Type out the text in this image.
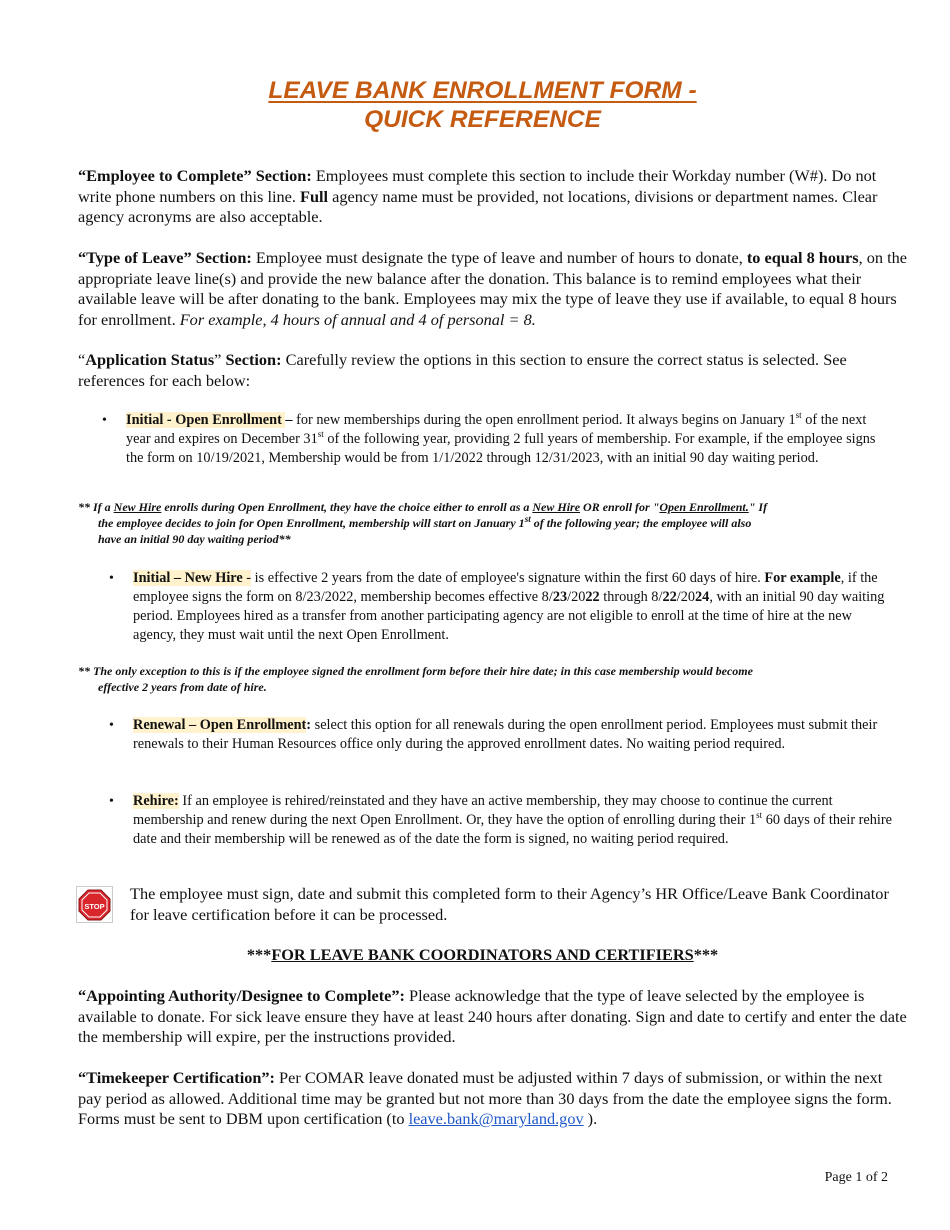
LEAVE BANK ENROLLMENT FORM -
QUICK REFERENCE
“Employee to Complete” Section: Employees must complete this section to include their Workday number (W#). Do not write phone numbers on this line. Full agency name must be provided, not locations, divisions or department names. Clear agency acronyms are also acceptable.
“Type of Leave” Section: Employee must designate the type of leave and number of hours to donate, to equal 8 hours, on the appropriate leave line(s) and provide the new balance after the donation. This balance is to remind employees what their available leave will be after donating to the bank. Employees may mix the type of leave they use if available, to equal 8 hours for enrollment. For example, 4 hours of annual and 4 of personal = 8.
“Application Status” Section: Carefully review the options in this section to ensure the correct status is selected. See references for each below:
• Initial - Open Enrollment – for new memberships during the open enrollment period. It always begins on January 1st of the next year and expires on December 31st of the following year, providing 2 full years of membership. For example, if the employee signs the form on 10/19/2021, Membership would be from 1/1/2022 through 12/31/2023, with an initial 90 day waiting period.
** If a New Hire enrolls during Open Enrollment, they have the choice either to enroll as a New Hire OR enroll for "Open Enrollment." If
the employee decides to join for Open Enrollment, membership will start on January 1st of the following year; the employee will also
have an initial 90 day waiting period**
• Initial – New Hire - is effective 2 years from the date of employee's signature within the first 60 days of hire. For example, if the employee signs the form on 8/23/2022, membership becomes effective 8/23/2022 through 8/22/2024, with an initial 90 day waiting period. Employees hired as a transfer from another participating agency are not eligible to enroll at the time of hire at the new agency, they must wait until the next Open Enrollment.
** The only exception to this is if the employee signed the enrollment form before their hire date; in this case membership would become
effective 2 years from date of hire.
• Renewal – Open Enrollment: select this option for all renewals during the open enrollment period. Employees must submit their renewals to their Human Resources office only during the approved enrollment dates. No waiting period required.
• Rehire: If an employee is rehired/reinstated and they have an active membership, they may choose to continue the current membership and renew during the next Open Enrollment. Or, they have the option of enrolling during their 1st 60 days of their rehire date and their membership will be renewed as of the date the form is signed, no waiting period required.
STOP
The employee must sign, date and submit this completed form to their Agency’s HR Office/Leave Bank Coordinator for leave certification before it can be processed.
***FOR LEAVE BANK COORDINATORS AND CERTIFIERS***
“Appointing Authority/Designee to Complete”: Please acknowledge that the type of leave selected by the employee is available to donate. For sick leave ensure they have at least 240 hours after donating. Sign and date to certify and enter the date the membership will expire, per the instructions provided.
“Timekeeper Certification”: Per COMAR leave donated must be adjusted within 7 days of submission, or within the next pay period as allowed. Additional time may be granted but not more than 30 days from the date the employee signs the form. Forms must be sent to DBM upon certification (to leave.bank@maryland.gov ).
Page 1 of 2
